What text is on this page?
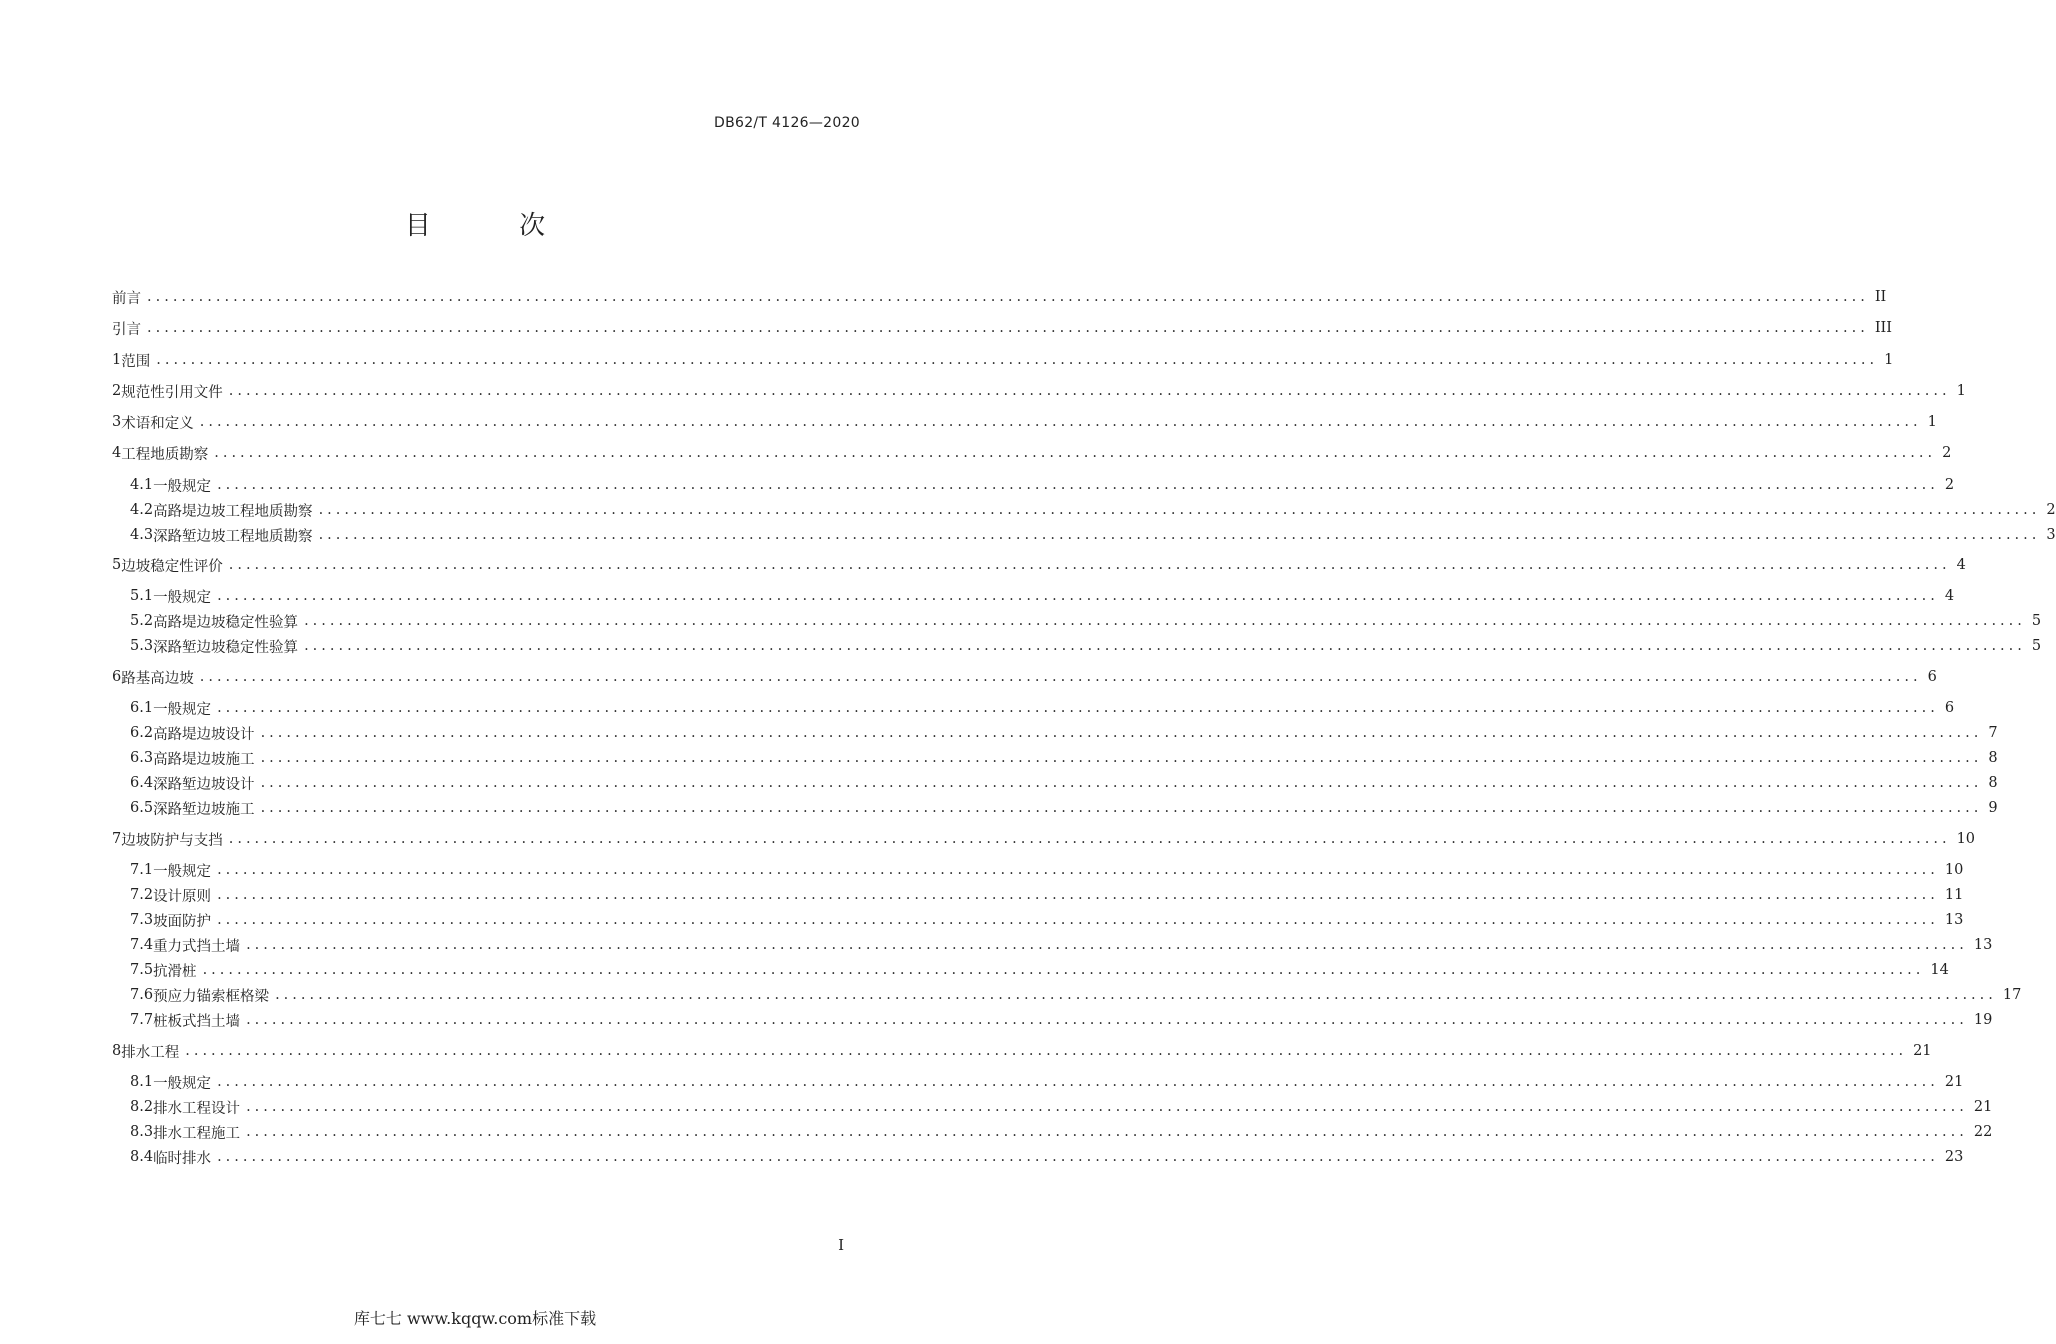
DB62/T 4126—2020
目 次
前言 ........................................................................................................................................................................................................ II
引言 ........................................................................................................................................................................................................ III
1 范围 ........................................................................................................................................................................................................ 1
2 规范性引用文件 ........................................................................................................................................................................................................ 1
3 术语和定义 ........................................................................................................................................................................................................ 1
4 工程地质勘察 ........................................................................................................................................................................................................ 2
4.1 一般规定 ........................................................................................................................................................................................................ 2
4.2 高路堤边坡工程地质勘察 ........................................................................................................................................................................................................ 2
4.3 深路堑边坡工程地质勘察 ........................................................................................................................................................................................................ 3
5 边坡稳定性评价 ........................................................................................................................................................................................................ 4
5.1 一般规定 ........................................................................................................................................................................................................ 4
5.2 高路堤边坡稳定性验算 ........................................................................................................................................................................................................ 5
5.3 深路堑边坡稳定性验算 ........................................................................................................................................................................................................ 5
6 路基高边坡 ........................................................................................................................................................................................................ 6
6.1 一般规定 ........................................................................................................................................................................................................ 6
6.2 高路堤边坡设计 ........................................................................................................................................................................................................ 7
6.3 高路堤边坡施工 ........................................................................................................................................................................................................ 8
6.4 深路堑边坡设计 ........................................................................................................................................................................................................ 8
6.5 深路堑边坡施工 ........................................................................................................................................................................................................ 9
7 边坡防护与支挡 ........................................................................................................................................................................................................ 10
7.1 一般规定 ........................................................................................................................................................................................................ 10
7.2 设计原则 ........................................................................................................................................................................................................ 11
7.3 坡面防护 ........................................................................................................................................................................................................ 13
7.4 重力式挡土墙 ........................................................................................................................................................................................................ 13
7.5 抗滑桩 ........................................................................................................................................................................................................ 14
7.6 预应力锚索框格梁 ........................................................................................................................................................................................................ 17
7.7 桩板式挡土墙 ........................................................................................................................................................................................................ 19
8 排水工程 ........................................................................................................................................................................................................ 21
8.1 一般规定 ........................................................................................................................................................................................................ 21
8.2 排水工程设计 ........................................................................................................................................................................................................ 21
8.3 排水工程施工 ........................................................................................................................................................................................................ 22
8.4 临时排水 ........................................................................................................................................................................................................ 23
I
库七七 www.kqqw.com标准下载
